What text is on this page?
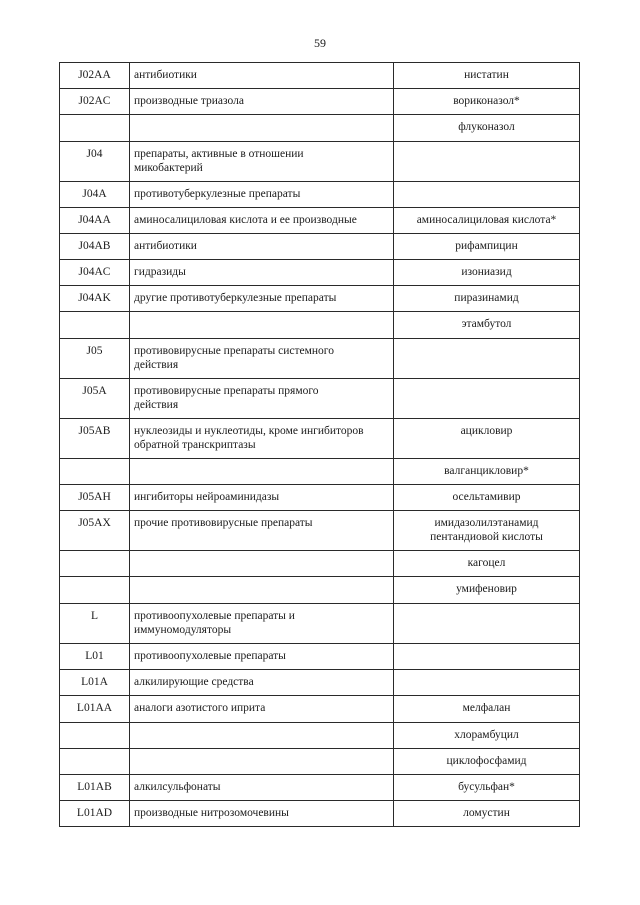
59
J02AA	антибиотики	нистатин

J02AC	производные триазола	вориконазол*

		флуконазол

J04	препараты, активные в отношении
микобактерий	
J04A	противотуберкулезные препараты	
J04AA	аминосалициловая кислота и ее производные	аминосалициловая кислота*

J04AB	антибиотики	рифампицин

J04AC	гидразиды	изониазид

J04AK	другие противотуберкулезные препараты	пиразинамид

		этамбутол

J05	противовирусные препараты системного
действия	
J05A	противовирусные препараты прямого
действия	
J05AB	нуклеозиды и нуклеотиды, кроме ингибиторов
обратной транскриптазы	ацикловир

		валганцикловир*

J05AH	ингибиторы нейроаминидазы	осельтамивир

J05AX	прочие противовирусные препараты	имидазолилэтанамид
пентандиовой кислоты

		кагоцел

		умифеновир

L	противоопухолевые препараты и
иммуномодуляторы	
L01	противоопухолевые препараты	
L01A	алкилирующие средства	
L01AA	аналоги азотистого иприта	мелфалан

		хлорамбуцил

		циклофосфамид

L01AB	алкилсульфонаты	бусульфан*

L01AD	производные нитрозомочевины	ломустин
